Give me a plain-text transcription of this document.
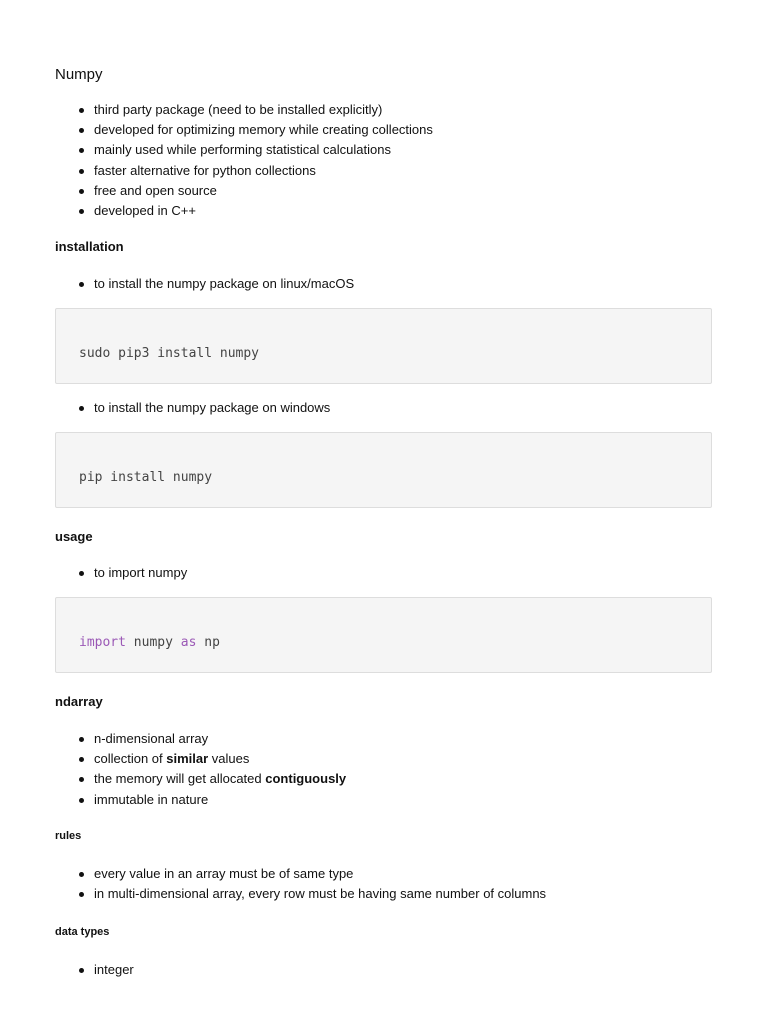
Numpy
third party package (need to be installed explicitly)
developed for optimizing memory while creating collections
mainly used while performing statistical calculations
faster alternative for python collections
free and open source
developed in C++
installation
to install the numpy package on linux/macOS
sudo pip3 install numpy
to install the numpy package on windows
pip install numpy
usage
to import numpy
import numpy as np
ndarray
n-dimensional array
collection of similar values
the memory will get allocated contiguously
immutable in nature
rules
every value in an array must be of same type
in multi-dimensional array, every row must be having same number of columns
data types
integer
